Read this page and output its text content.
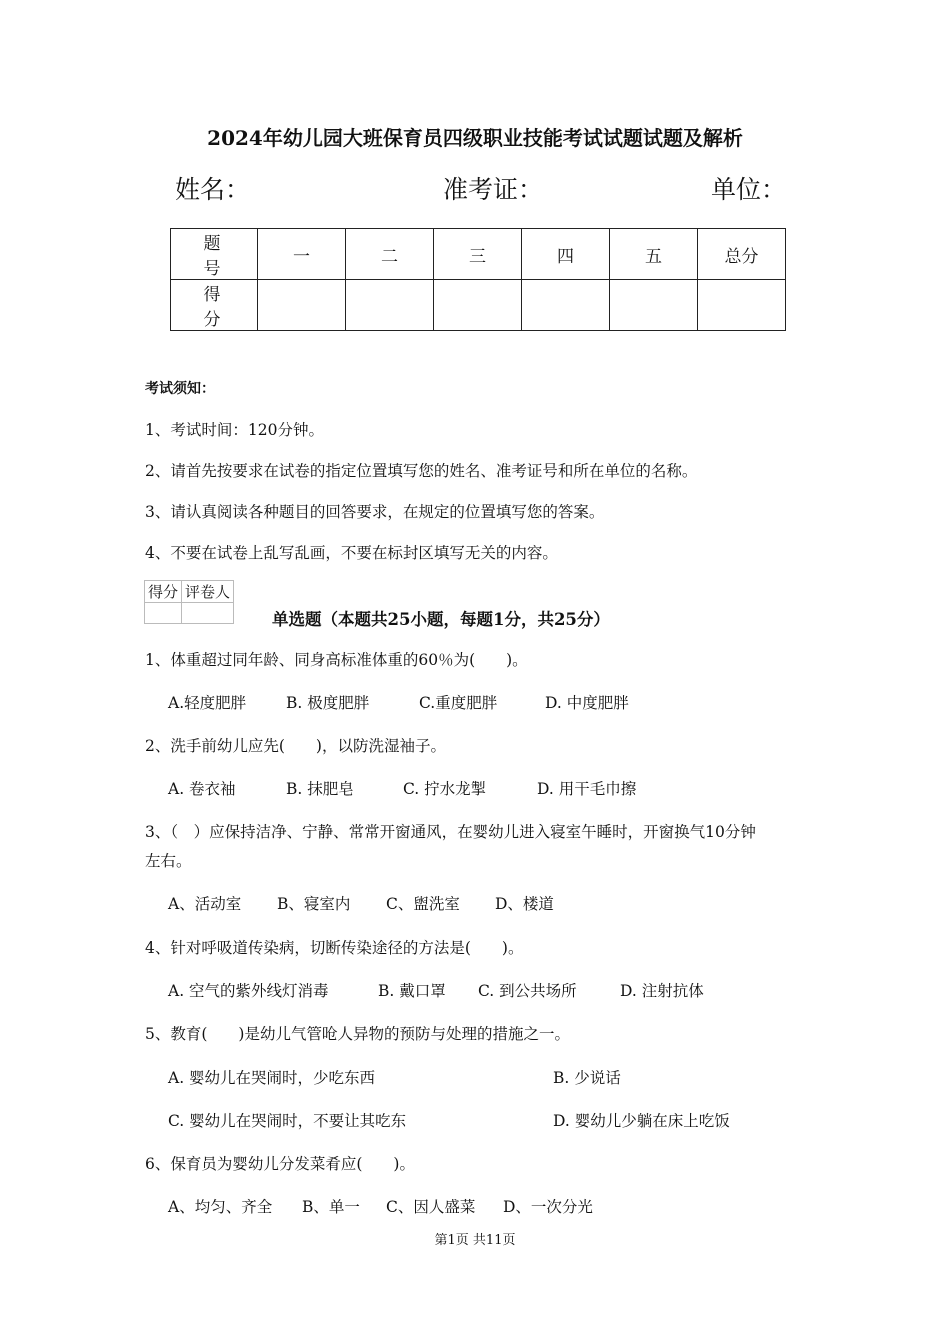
2024年幼儿园大班保育员四级职业技能考试试题试题及解析
姓名：	准考证：	单位：
题　号	一	二	三	四	五	总分
得　分						
考试须知：
1、考试时间：120分钟。
2、请首先按要求在试卷的指定位置填写您的姓名、准考证号和所在单位的名称。
3、请认真阅读各种题目的回答要求，在规定的位置填写您的答案。
4、不要在试卷上乱写乱画，不要在标封区填写无关的内容。
得分	评卷人

单选题（本题共25小题，每题1分，共25分）
1、体重超过同年龄、同身高标准体重的60％为(　　)。
A.轻度肥胖	B. 极度肥胖	C.重度肥胖	D. 中度肥胖
2、洗手前幼儿应先(　　)，以防洗湿袖子。
A. 卷衣袖	B. 抹肥皂	C. 拧水龙掣	D. 用干毛巾擦
3、（　）应保持洁净、宁静、常常开窗通风，在婴幼儿进入寝室午睡时，开窗换气10分钟
左右。
A、活动室 B、寝室内 C、盥洗室 D、楼道
4、针对呼吸道传染病，切断传染途径的方法是(　　)。
A. 空气的紫外线灯消毒	B. 戴口罩 C. 到公共场所	D. 注射抗体
5、教育(　　)是幼儿气管呛人异物的预防与处理的措施之一。
A. 婴幼儿在哭闹时，少吃东西	B. 少说话
C. 婴幼儿在哭闹时，不要让其吃东	D. 婴幼儿少躺在床上吃饭
6、保育员为婴幼儿分发菜肴应(　　)。
A、均匀、齐全 B、单一 C、因人盛菜 D、一次分光
第1页 共11页
